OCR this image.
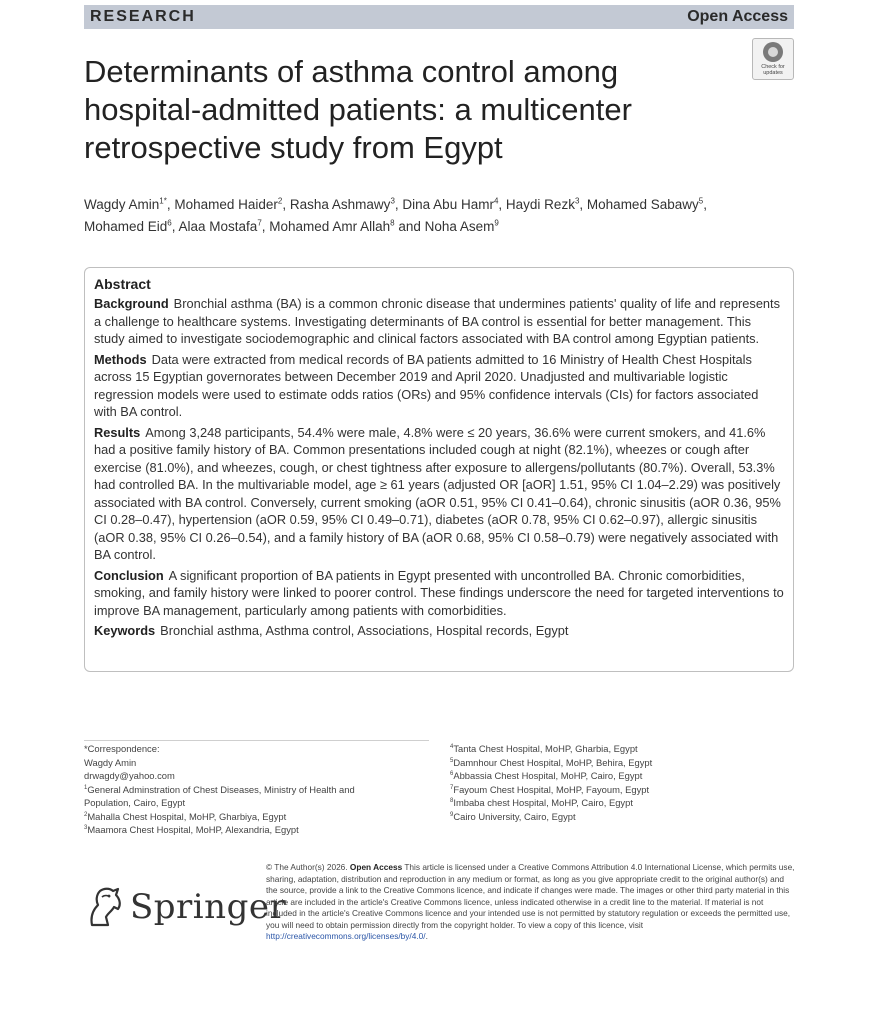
RESEARCH	Open Access
Check for updates
Determinants of asthma control among hospital-admitted patients: a multicenter retrospective study from Egypt
Wagdy Amin$^{1*}$, Mohamed Haider$^2$, Rasha Ashmawy$^3$, Dina Abu Hamr$^4$, Haydi Rezk$^3$, Mohamed Sabawy$^5$, Mohamed Eid$^6$, Alaa Mostafa$^7$, Mohamed Amr Allah$^8$ and Noha Asem$^9$
Abstract

Background Bronchial asthma (BA) is a common chronic disease that undermines patients' quality of life and represents a challenge to healthcare systems. Investigating determinants of BA control is essential for better management. This study aimed to investigate sociodemographic and clinical factors associated with BA control among Egyptian patients.

Methods Data were extracted from medical records of BA patients admitted to 16 Ministry of Health Chest Hospitals across 15 Egyptian governorates between December 2019 and April 2020. Unadjusted and multivariable logistic regression models were used to estimate odds ratios (ORs) and 95% confidence intervals (CIs) for factors associated with BA control.

Results Among 3,248 participants, 54.4% were male, 4.8% were ≤ 20 years, 36.6% were current smokers, and 41.6% had a positive family history of BA. Common presentations included cough at night (82.1%), wheezes or cough after exercise (81.0%), and wheezes, cough, or chest tightness after exposure to allergens/pollutants (80.7%). Overall, 53.3% had controlled BA. In the multivariable model, age ≥ 61 years (adjusted OR [aOR] 1.51, 95% CI 1.04–2.29) was positively associated with BA control. Conversely, current smoking (aOR 0.51, 95% CI 0.41–0.64), chronic sinusitis (aOR 0.36, 95% CI 0.28–0.47), hypertension (aOR 0.59, 95% CI 0.49–0.71), diabetes (aOR 0.78, 95% CI 0.62–0.97), allergic sinusitis (aOR 0.38, 95% CI 0.26–0.54), and a family history of BA (aOR 0.68, 95% CI 0.58–0.79) were negatively associated with BA control.

Conclusion A significant proportion of BA patients in Egypt presented with uncontrolled BA. Chronic comorbidities, smoking, and family history were linked to poorer control. These findings underscore the need for targeted interventions to improve BA management, particularly among patients with comorbidities.

Keywords Bronchial asthma, Asthma control, Associations, Hospital records, Egypt

*Correspondence:
Wagdy Amin
drwagdy@yahoo.com
$^1$General Adminstration of Chest Diseases, Ministry of Health and Population, Cairo, Egypt
$^2$Mahalla Chest Hospital, MoHP, Gharbiya, Egypt
$^3$Maamora Chest Hospital, MoHP, Alexandria, Egypt
$^4$Tanta Chest Hospital, MoHP, Gharbia, Egypt
$^5$Damnhour Chest Hospital, MoHP, Behira, Egypt
$^6$Abbassia Chest Hospital, MoHP, Cairo, Egypt
$^7$Fayoum Chest Hospital, MoHP, Fayoum, Egypt
$^8$Imbaba chest Hospital, MoHP, Cairo, Egypt
$^9$Cairo University, Cairo, Egypt
Springer
© The Author(s) 2026. Open Access This article is licensed under a Creative Commons Attribution 4.0 International License, which permits use, sharing, adaptation, distribution and reproduction in any medium or format, as long as you give appropriate credit to the original author(s) and the source, provide a link to the Creative Commons licence, and indicate if changes were made. The images or other third party material in this article are included in the article's Creative Commons licence, unless indicated otherwise in a credit line to the material. If material is not included in the article's Creative Commons licence and your intended use is not permitted by statutory regulation or exceeds the permitted use, you will need to obtain permission directly from the copyright holder. To view a copy of this licence, visit http://creativecommons.org/licenses/by/4.0/.
